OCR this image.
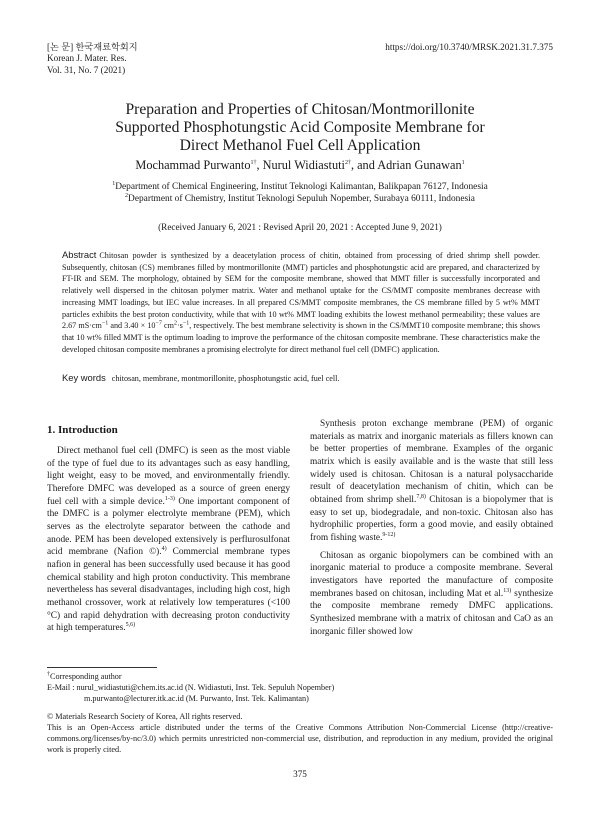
[논 문] 한국재료학회지
Korean J. Mater. Res.
Vol. 31, No. 7 (2021)
https://doi.org/10.3740/MRSK.2021.31.7.375
Preparation and Properties of Chitosan/Montmorillonite
Supported Phosphotungstic Acid Composite Membrane for
Direct Methanol Fuel Cell Application
Mochammad Purwanto$^{1\dagger}$, Nurul Widiastuti$^{2\dagger}$, and Adrian Gunawan$^1$
$^1$Department of Chemical Engineering, Institut Teknologi Kalimantan, Balikpapan 76127, Indonesia
$^2$Department of Chemistry, Institut Teknologi Sepuluh Nopember, Surabaya 60111, Indonesia
(Received January 6, 2021 : Revised April 20, 2021 : Accepted June 9, 2021)
Abstract Chitosan powder is synthesized by a deacetylation process of chitin, obtained from processing of dried shrimp shell powder. Subsequently, chitosan (CS) membranes filled by montmorillonite (MMT) particles and phosphotungstic acid are prepared, and characterized by FT-IR and SEM. The morphology, obtained by SEM for the composite membrane, showed that MMT filler is successfully incorporated and relatively well dispersed in the chitosan polymer matrix. Water and methanol uptake for the CS/MMT composite membranes decrease with increasing MMT loadings, but IEC value increases. In all prepared CS/MMT composite membranes, the CS membrane filled by 5 wt% MMT particles exhibits the best proton conductivity, while that with 10 wt% MMT loading exhibits the lowest methanol permeability; these values are 2.67 $mS\cdot cm^{-1}$ and $3.40 \times 10^{-7}$ $cm^2\cdot s^{-1}$, respectively. The best membrane selectivity is shown in the CS/MMT10 composite membrane; this shows that 10 wt% filled MMT is the optimum loading to improve the performance of the chitosan composite membrane. These characteristics make the developed chitosan composite membranes a promising electrolyte for direct methanol fuel cell (DMFC) application.
Key words chitosan, membrane, montmorillonite, phosphotungstic acid, fuel cell.
1. Introduction

Direct methanol fuel cell (DMFC) is seen as the most viable of the type of fuel due to its advantages such as easy handling, light weight, easy to be moved, and environmentally friendly. Therefore DMFC was developed as a source of green energy fuel cell with a simple device.$^{1-3)}$ One important component of the DMFC is a polymer electrolyte membrane (PEM), which serves as the electrolyte separator between the cathode and anode. PEM has been developed extensively is perflurosulfonat acid membrane (Nafion ©).$^{4)}$ Commercial membrane types nafion in general has been successfully used because it has good chemical stability and high proton conductivity. This membrane nevertheless has several disadvantages, including high cost, high methanol crossover, work at relatively low temperatures (<100 °C) and rapid dehydration with decreasing proton conductivity at high temperatures.$^{5,6)}$

Synthesis proton exchange membrane (PEM) of organic materials as matrix and inorganic materials as fillers known can be better properties of membrane. Examples of the organic matrix which is easily available and is the waste that still less widely used is chitosan. Chitosan is a natural polysaccharide result of deacetylation mechanism of chitin, which can be obtained from shrimp shell.$^{7,8)}$ Chitosan is a biopolymer that is easy to set up, biodegradale, and non-toxic. Chitosan also has hydrophilic properties, form a good movie, and easily obtained from fishing waste.$^{9-12)}$

Chitosan as organic biopolymers can be combined with an inorganic material to produce a composite membrane. Several investigators have reported the manufacture of composite membranes based on chitosan, including Mat et al.$^{13)}$ synthesize the composite membrane remedy DMFC applications. Synthesized membrane with a matrix of chitosan and CaO as an inorganic filler showed low

†Corresponding author
E-Mail : nurul_widiastuti@chem.its.ac.id (N. Widiastuti, Inst. Tek. Sepuluh Nopember)
m.purwanto@lecturer.itk.ac.id (M. Purwanto, Inst. Tek. Kalimantan)
© Materials Research Society of Korea, All rights reserved.
This is an Open-Access article distributed under the terms of the Creative Commons Attribution Non-Commercial License (http://creative-commons.org/licenses/by-nc/3.0) which permits unrestricted non-commercial use, distribution, and reproduction in any medium, provided the original work is properly cited.
375
